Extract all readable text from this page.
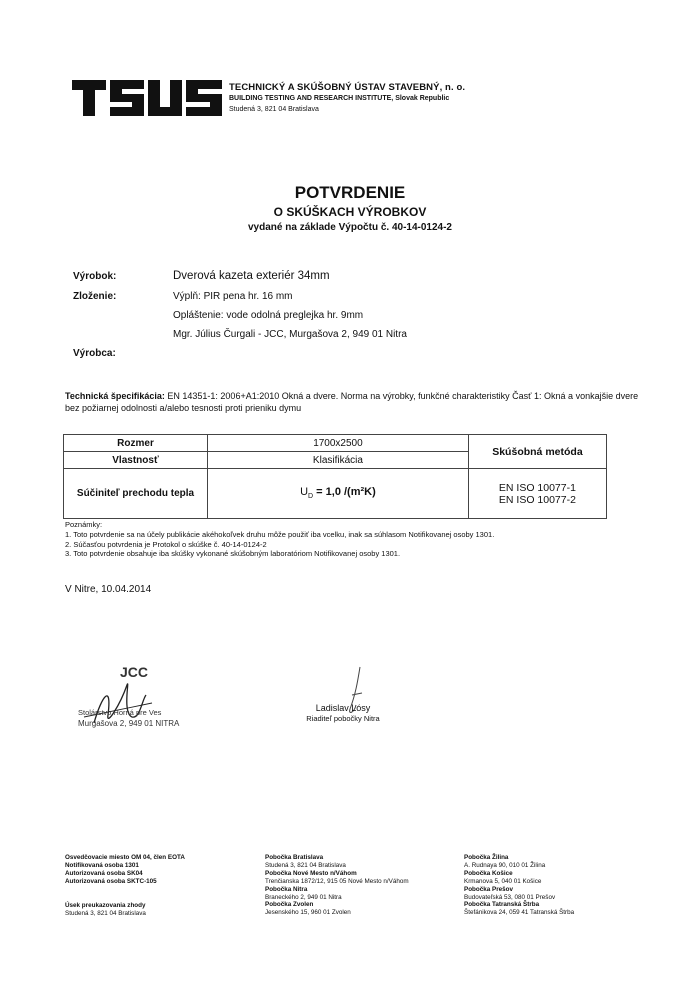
TECHNICKÝ A SKÚŠOBNÝ ÚSTAV STAVEBNÝ, n. o.
BUILDING TESTING AND RESEARCH INSTITUTE, Slovak Republic
Studená 3, 821 04 Bratislava
POTVRDENIE
O SKÚŠKACH VÝROBKOV
vydané na základe Výpočtu č. 40-14-0124-2
Výrobok:	Dverová kazeta exteriér 34mm
Zloženie:	Výplň: PIR pena hr. 16 mm
Opláštenie: vode odolná preglejka hr. 9mm
Mgr. Július Čurgali - JCC, Murgašova 2, 949 01 Nitra
Výrobca:
Technická špecifikácia: EN 14351-1: 2006+A1:2010 Okná a dvere. Norma na výrobky, funkčné charakteristiky Časť 1: Okná a vonkajšie dvere bez požiarnej odolnosti a/alebo tesnosti proti prieniku dymu
Rozmer	1700x2500	Skúšobná metóda
Vlastnosť	Klasifikácia	
Súčiniteľ prechodu tepla	$U_D = 1,0$ /(m²K)	EN ISO 10077-1
EN ISO 10077-2
Poznámky:
1. Toto potvrdenie sa na účely publikácie akéhokoľvek druhu môže použiť iba vcelku, inak sa súhlasom Notifikovanej osoby 1301.
2. Súčasťou potvrdenia je Protokol o skúške č. 40-14-0124-2
3. Toto potvrdenie obsahuje iba skúšky vykonané skúšobným laboratóriom Notifikovanej osoby 1301.
V Nitre, 10.04.2014
JCC
Stolárstvo Horná pre Ves
Murgašova 2, 949 01 NITRA
Ladislav Lósy
Riaditeľ pobočky Nitra
Osvedčovacie miesto OM 04, člen EOTA
Notifikovaná osoba 1301
Autorizovaná osoba SK04
Autorizovaná osoba SKTC-105
Úsek preukazovania zhody
Studená 3, 821 04 Bratislava
Pobočka Bratislava
Studená 3, 821 04 Bratislava
Pobočka Nové Mesto n/Váhom
Trenčianska 1872/12, 915 05 Nové Mesto n/Váhom
Pobočka Nitra
Braneckého 2, 949 01 Nitra
Pobočka Zvolen
Jesenského 15, 960 01 Zvolen
Pobočka Žilina
A. Rudnaya 90, 010 01 Žilina
Pobočka Košice
Krmanova 5, 040 01 Košice
Pobočka Prešov
Budovateľská 53, 080 01 Prešov
Pobočka Tatranská Štrba
Štefánikova 24, 059 41 Tatranská Štrba
